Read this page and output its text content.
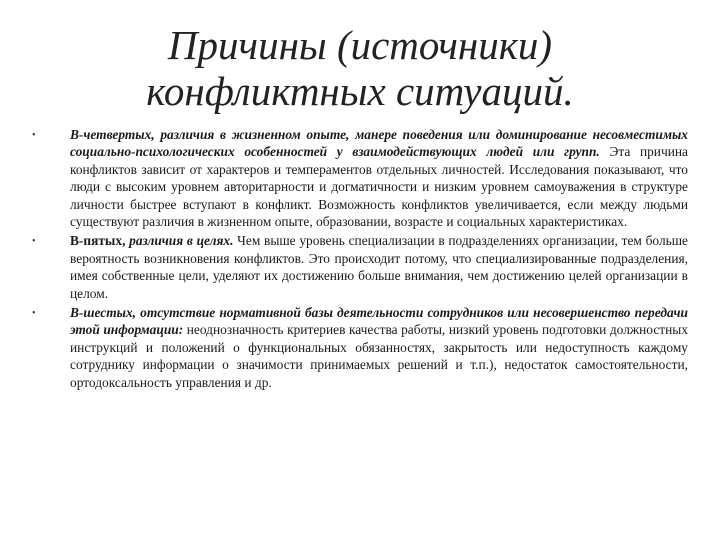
Причины (источники)
конфликтных ситуаций.
•	В-четвертых, различия в жизненном опыте, манере поведения или доминирование несовместимых социально-психологических особенностей у взаимодействующих людей или групп. Эта причина конфликтов зависит от характеров и темпераментов отдельных личностей. Исследования показывают, что люди с высоким уровнем авторитарности и догматичности и низким уровнем самоуважения в структуре личности быстрее вступают в конфликт. Возможность конфликтов увеличивается, если между людьми существуют различия в жизненном опыте, образовании, возрасте и социальных характеристиках.
•	В-пятых, различия в целях. Чем выше уровень специализации в подразделениях организации, тем больше вероятность возникновения конфликтов. Это происходит потому, что специализированные подразделения, имея собственные цели, уделяют их достижению больше внимания, чем достижению целей организации в целом.
•	В-шестых, отсутствие нормативной базы деятельности сотрудников или несовершенство передачи этой информации: неоднозначность критериев качества работы, низкий уровень подготовки должностных инструкций и положений о функциональных обязанностях, закрытость или недоступность каждому сотруднику информации о значимости принимаемых решений и т.п.), недостаток самостоятельности, ортодоксальность управления и др.
